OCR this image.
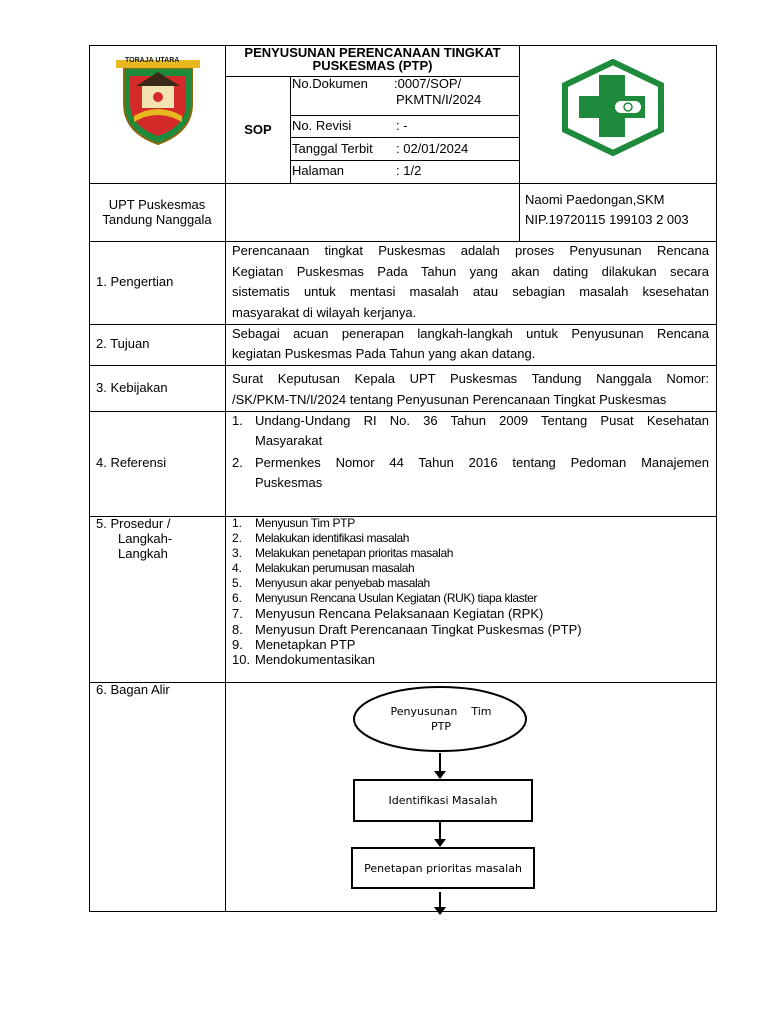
TORAJA UTARA
PENYUSUNAN PERENCANAAN TINGKAT
PUSKESMAS (PTP)
SOP
No.Dokumen :0007/SOP/
PKMTN/I/2024
No. Revisi	: -
Tanggal Terbit : 02/01/2024
Halaman	: 1/2
UPT Puskesmas
Tandung Nanggala
Naomi Paedongan,SKM
NIP.19720115 199103 2 003
1. Pengertian
Perencanaan tingkat Puskesmas adalah proses Penyusunan Rencana
Kegiatan Puskesmas Pada Tahun yang akan dating dilakukan secara
sistematis untuk mentasi masalah atau sebagian masalah ksesehatan
masyarakat di wilayah kerjanya.
2. Tujuan
Sebagai acuan penerapan langkah-langkah untuk Penyusunan Rencana
kegiatan Puskesmas Pada Tahun yang akan datang.
3. Kebijakan
Surat Keputusan Kepala UPT Puskesmas Tandung Nanggala Nomor:
/SK/PKM-TN/I/2024 tentang Penyusunan Perencanaan Tingkat Puskesmas
4. Referensi
1. Undang-Undang RI No. 36 Tahun 2009 Tentang Pusat Kesehatan
Masyarakat
2. Permenkes Nomor 44 Tahun 2016 tentang Pedoman Manajemen
Puskesmas
5. Prosedur /
Langkah-
Langkah
1. Menyusun Tim PTP
2. Melakukan identifikasi masalah
3. Melakukan penetapan prioritas masalah
4. Melakukan perumusan masalah
5. Menyusun akar penyebab masalah
6. Menyusun Rencana Usulan Kegiatan (RUK) tiapa klaster
7. Menyusun Rencana Pelaksanaan Kegiatan (RPK)
8. Menyusun Draft Perencanaan Tingkat Puskesmas (PTP)
9. Menetapkan PTP
10. Mendokumentasikan
6. Bagan Alir
Penyusunan    Tim
PTP
Identifikasi Masalah
Penetapan prioritas masalah
